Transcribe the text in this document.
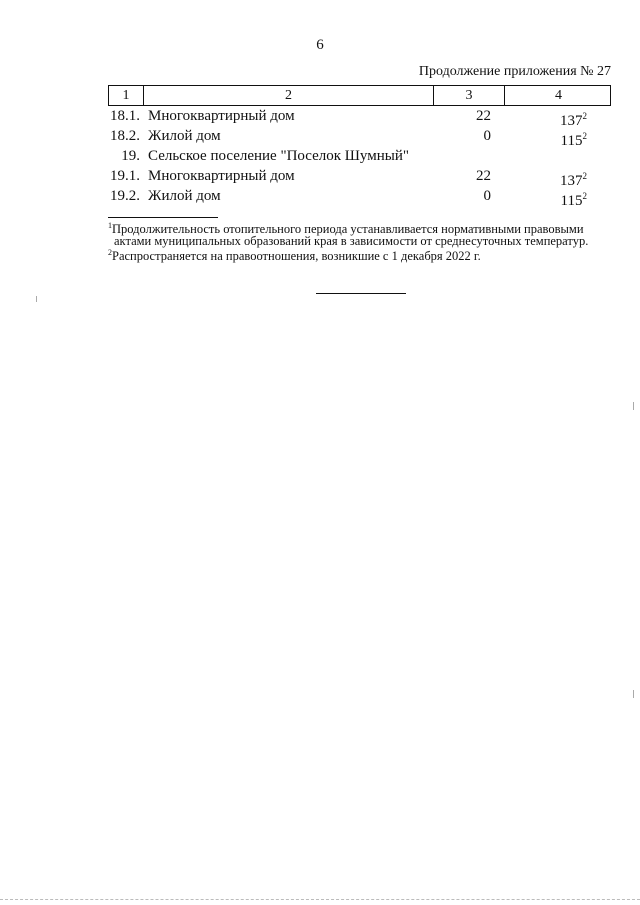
6
Продолжение приложения № 27
1	2	3	4
18.1. Многоквартирный дом	22	$137^2$
18.2. Жилой дом	0	$115^2$
19. Сельское поселение "Поселок Шумный"
19.1. Многоквартирный дом	22	$137^2$
19.2. Жилой дом	0	$115^2$

$^1$Продолжительность отопительного периода устанавливается нормативными правовыми
актами муниципальных образований края в зависимости от среднесуточных температур.

$^2$Распространяется на правоотношения, возникшие с 1 декабря 2022 г.
